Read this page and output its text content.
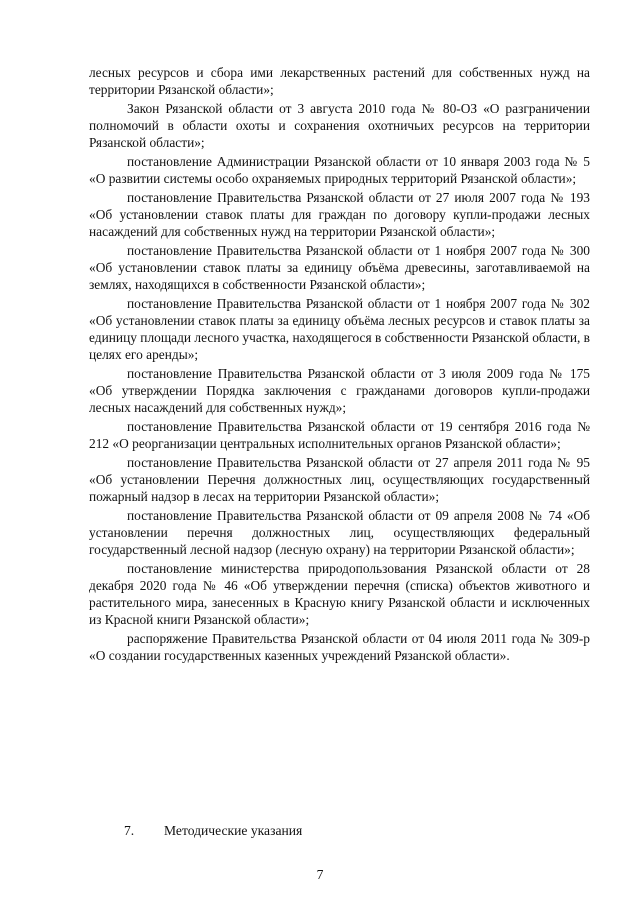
лесных ресурсов и сбора ими лекарственных растений для собственных нужд на территории Рязанской области»;

Закон Рязанской области от 3 августа 2010 года № 80-ОЗ «О разграничении полномочий в области охоты и сохранения охотничьих ресурсов на территории Рязанской области»;

постановление Администрации Рязанской области от 10 января 2003 года № 5 «О развитии системы особо охраняемых природных территорий Рязанской области»;

постановление Правительства Рязанской области от 27 июля 2007 года № 193 «Об установлении ставок платы для граждан по договору купли-продажи лесных насаждений для собственных нужд на территории Рязанской области»;

постановление Правительства Рязанской области от 1 ноября 2007 года № 300 «Об установлении ставок платы за единицу объёма древесины, заготавливаемой на землях, находящихся в собственности Рязанской области»;

постановление Правительства Рязанской области от 1 ноября 2007 года № 302 «Об установлении ставок платы за единицу объёма лесных ресурсов и ставок платы за единицу площади лесного участка, находящегося в собственности Рязанской области, в целях его аренды»;

постановление Правительства Рязанской области от 3 июля 2009 года № 175 «Об утверждении Порядка заключения с гражданами договоров купли-продажи лесных насаждений для собственных нужд»;

постановление Правительства Рязанской области от 19 сентября 2016 года № 212 «О реорганизации центральных исполнительных органов Рязанской области»;

постановление Правительства Рязанской области от 27 апреля 2011 года № 95 «Об установлении Перечня должностных лиц, осуществляющих государственный пожарный надзор в лесах на территории Рязанской области»;

постановление Правительства Рязанской области от 09 апреля 2008 № 74 «Об установлении перечня должностных лиц, осуществляющих федеральный государственный лесной надзор (лесную охрану) на территории Рязанской области»;

постановление министерства природопользования Рязанской области от 28 декабря 2020 года № 46 «Об утверждении перечня (списка) объектов животного и растительного мира, занесенных в Красную книгу Рязанской области и исключенных из Красной книги Рязанской области»;

распоряжение Правительства Рязанской области от 04 июля 2011 года № 309-р «О создании государственных казенных учреждений Рязанской области».

7. Методические указания
7
